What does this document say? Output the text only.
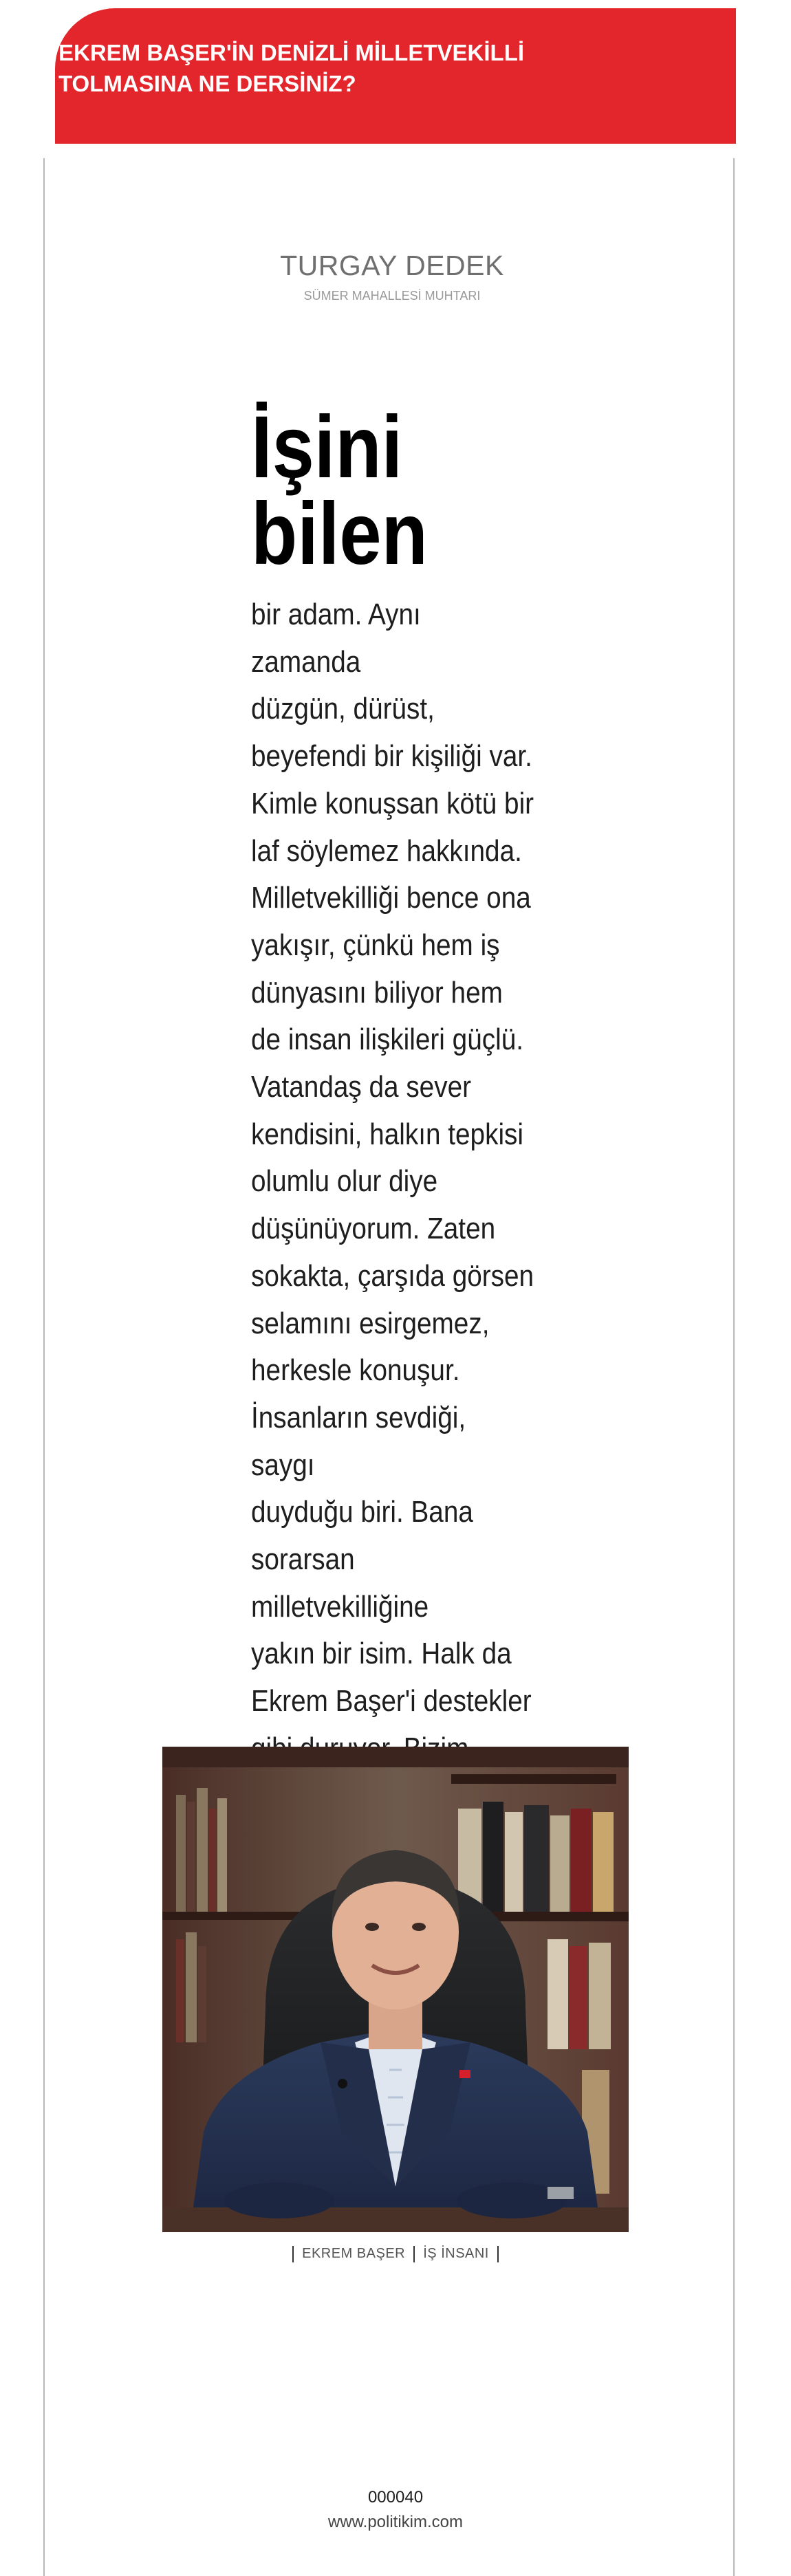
EKREM BAŞER'İN DENİZLİ MİLLETVEKİLLİ
TOLMASINA NE DERSİNİZ?
TURGAY DEDEK
SÜMER MAHALLESİ MUHTARI
İşini
bilen

bir adam. Aynı zamanda
düzgün, dürüst,
beyefendi bir kişiliği var.
Kimle konuşsan kötü bir
laf söylemez hakkında.
Milletvekilliği bence ona
yakışır, çünkü hem iş
dünyasını biliyor hem
de insan ilişkileri güçlü.
Vatandaş da sever
kendisini, halkın tepkisi
olumlu olur diye
düşünüyorum. Zaten
sokakta, çarşıda görsen
selamını esirgemez,
herkesle konuşur.
İnsanların sevdiği, saygı
duyduğu biri. Bana
sorarsan milletvekilliğine
yakın bir isim. Halk da
Ekrem Başer'i destekler

EKREM BAŞER İŞ İNSANI
000040
www.politikim.com
